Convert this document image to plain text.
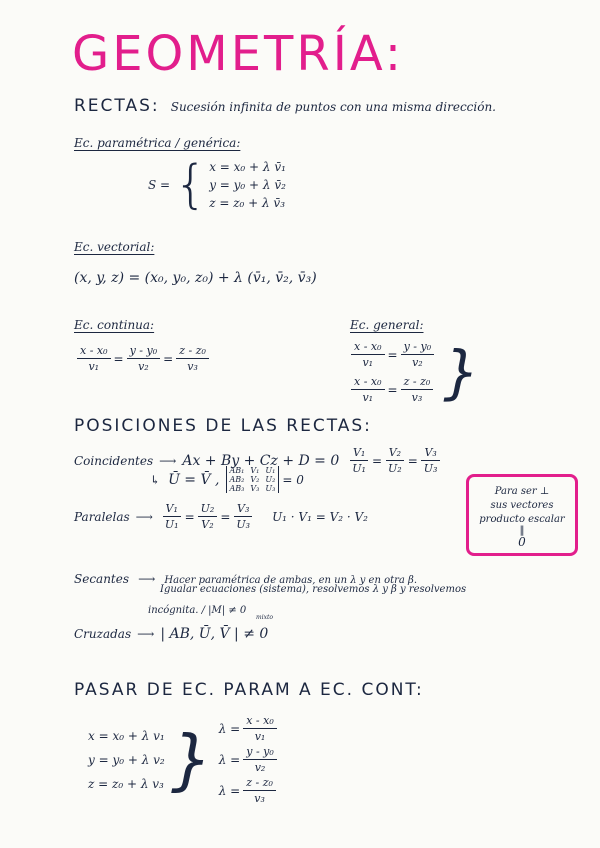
GEOMETRÍA:
RECTAS: Sucesión infinita de puntos con una misma dirección.
Ec. paramétrica / genérica:
S = { x = x₀ + λ v̄₁
y = y₀ + λ v̄₂
z = z₀ + λ v̄₃
Ec. vectorial:
(x, y, z) = (x₀, y₀, z₀) + λ (v̄₁, v̄₂, v̄₃)
Ec. continua:
$\frac{\text{x - x₀}}{\text{v₁}} = \frac{\text{y - y₀}}{\text{v₂}} = \frac{\text{z - z₀}}{\text{v₃}}$
Ec. general:
$\frac{\text{x - x₀}}{\text{v₁}} = \frac{\text{y - y₀}}{\text{v₂}}$
$\frac{\text{x - x₀}}{\text{v₁}} = \frac{\text{z - z₀}}{\text{v₃}}$ }
POSICIONES DE LAS RECTAS:
Coincidentes ⟶ $Ax + By + Cz + D = 0 \frac{\text{V₁}}{\text{U₁}} = \frac{\text{V₂}}{\text{U₂}} = \frac{\text{V₃}}{\text{U₃}}$
↳ Ū = V̄ ,
AB₁	V₁	U₁
AB₂	V₂	U₂
AB₃	V₃	U₃
= 0
Paralelas ⟶ $\frac{\text{V₁}}{\text{U₁}} = \frac{\text{U₂}}{\text{V₂}} = \frac{\text{V₃}}{\text{U₃}} U_1 \cdot V_1 = V_2 \cdot V_2$
Para ser ⊥
sus vectores
producto escalar
‖
0
Secantes ⟶ Hacer paramétrica de ambas, en un λ y en otra β.
Igualar ecuaciones (sistema), resolvemos λ y β y resolvemos
incógnita. / |M| ≠ 0
mixto
Cruzadas ⟶ | AB, Ū, V̄ | ≠ 0
PASAR DE EC. PARAM A EC. CONT:
x = x₀ + λ v₁
y = y₀ + λ v₂
z = z₀ + λ v₃ } $\lambda = \frac{\text{x - x₀}}{\text{v₁}}$
$\lambda = \frac{\text{y - y₀}}{\text{v₂}}$
$\lambda = \frac{\text{z - z₀}}{\text{v₃}}$
